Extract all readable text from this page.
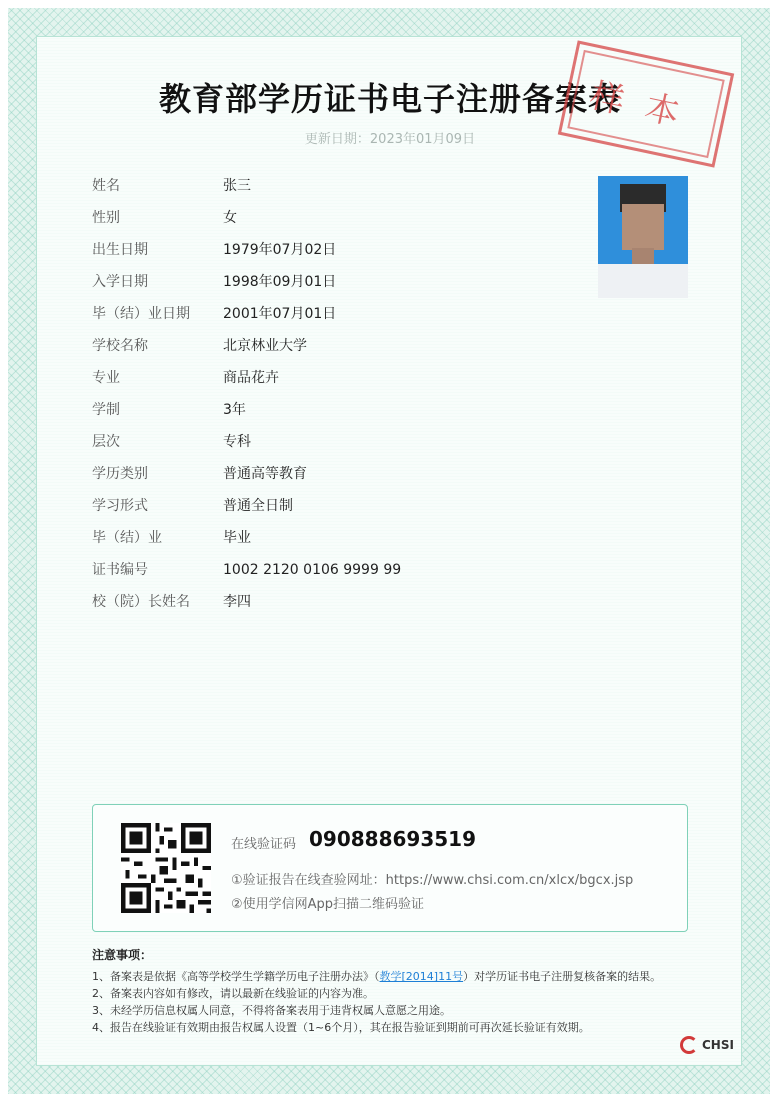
教育部学历证书电子注册备案表
更新日期：2023年01月09日
样本
姓名	张三
性别	女
出生日期	1979年07月02日
入学日期	1998年09月01日
毕（结）业日期 2001年07月01日
学校名称	北京林业大学
专业	商品花卉
学制	3年
层次	专科
学历类别	普通高等教育
学习形式	普通全日制
毕（结）业	毕业
证书编号	1002 2120 0106 9999 99
校（院）长姓名 李四
在线验证码 090888693519
①验证报告在线查验网址：https://www.chsi.com.cn/xlcx/bgcx.jsp
②使用学信网App扫描二维码验证
注意事项：

1、备案表是依据《高等学校学生学籍学历电子注册办法》（教学[2014]11号）对学历证书电子注册复核备案的结果。

2、备案表内容如有修改，请以最新在线验证的内容为准。

3、未经学历信息权属人同意，不得将备案表用于违背权属人意愿之用途。

4、报告在线验证有效期由报告权属人设置（1~6个月），其在报告验证到期前可再次延长验证有效期。

CHSI
